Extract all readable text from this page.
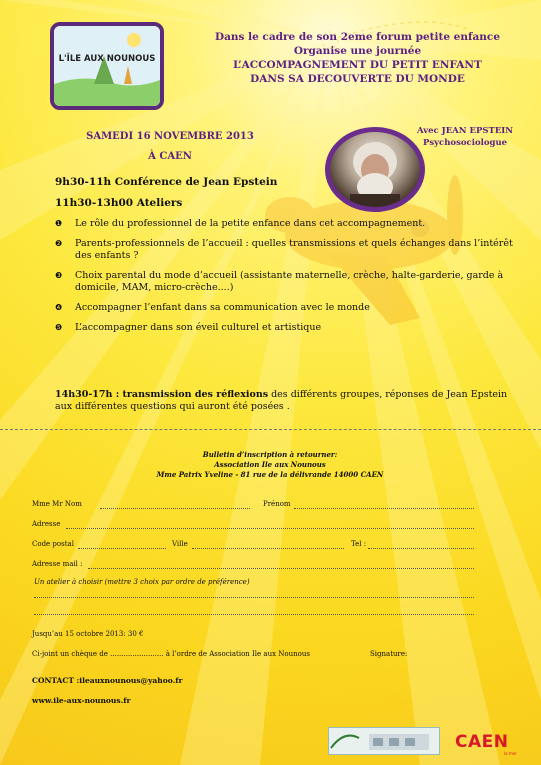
L'ÎLE AUX NOUNOUS
Dans le cadre de son 2eme forum petite enfance
Organise une journée
L’ACCOMPAGNEMENT DU PETIT ENFANT
DANS SA DECOUVERTE DU MONDE
SAMEDI 16 NOVEMBRE 2013
À CAEN
Avec JEAN EPSTEIN
Psychosociologue
9h30-11h Conférence de Jean Epstein
11h30-13h00 Ateliers
❶	Le rôle du professionnel de la petite enfance dans cet accompagnement.
❷	Parents-professionnels de l’accueil : quelles transmissions et quels échanges dans l’intérêt des enfants ?
❸	Choix parental du mode d’accueil (assistante maternelle, crèche, halte-garderie, garde à domicile, MAM, micro-crèche....)
❹	Accompagner l’enfant dans sa communication avec le monde
❺	L’accompagner dans son éveil culturel et artistique
14h30-17h : transmission des réflexions des différents groupes, réponses de Jean Epstein aux différentes questions qui auront été posées .
Bulletin d’inscription à retourner:
Association Ile aux Nounous
Mme Patrix Yveline - 81 rue de la délivrande 14000 CAEN
Mme Mr Nom	Prénom
Adresse
Code postal	Ville	Tel :
Adresse mail :
Un atelier à choisir (mettre 3 choix par ordre de préférence)
Jusqu’au 15 octobre 2013: 30 €
Ci-joint un chèque de ........................ à l’ordre de Association Ile aux Nounous	Signature:
CONTACT :ileauxnounous@yahoo.fr
www.ile-aux-nounous.fr
CAEN
la mer
